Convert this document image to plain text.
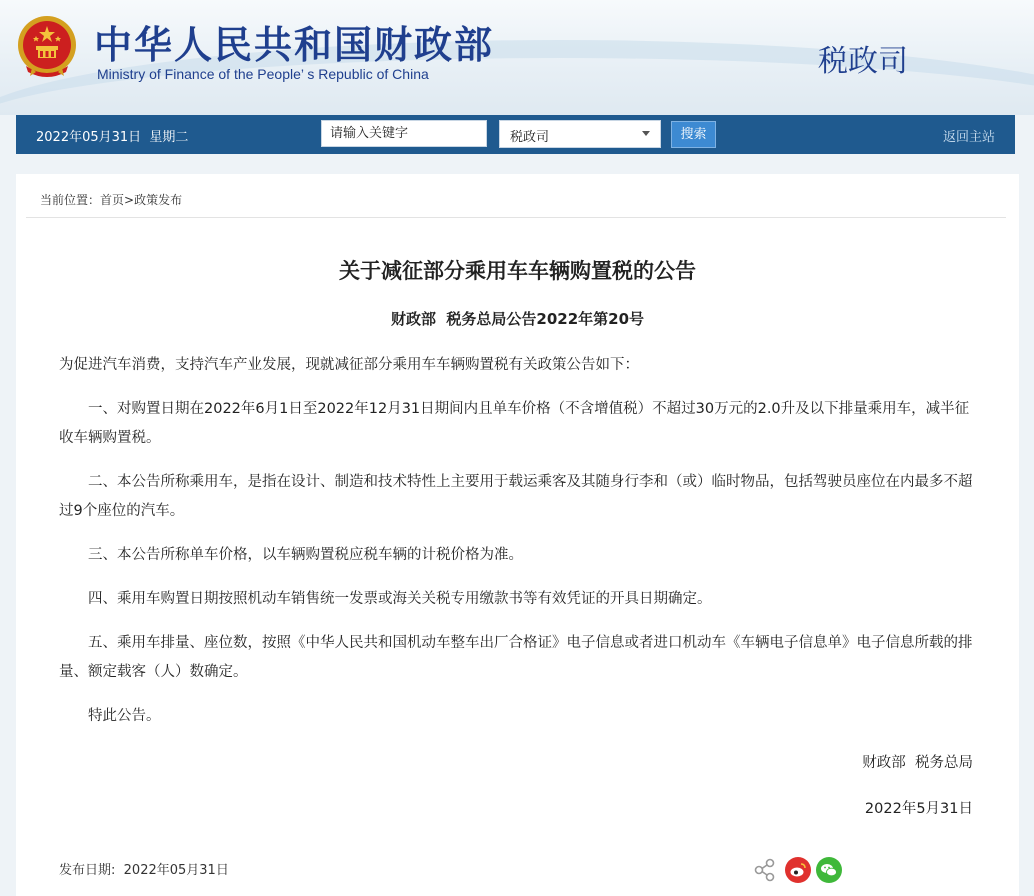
中华人民共和国财政部
Ministry of Finance of the People’ s Republic of China	税政司
2022年05月31日  星期二
请输入关键字	税政司	搜索	返回主站
当前位置：首页>政策发布
关于减征部分乘用车车辆购置税的公告
财政部  税务总局公告2022年第20号

为促进汽车消费，支持汽车产业发展，现就减征部分乘用车车辆购置税有关政策公告如下：

一、对购置日期在2022年6月1日至2022年12月31日期间内且单车价格（不含增值税）不超过30万元的2.0升及以下排量乘用车，减半征收车辆购置税。

二、本公告所称乘用车，是指在设计、制造和技术特性上主要用于载运乘客及其随身行李和（或）临时物品，包括驾驶员座位在内最多不超过9个座位的汽车。

三、本公告所称单车价格，以车辆购置税应税车辆的计税价格为准。

四、乘用车购置日期按照机动车销售统一发票或海关关税专用缴款书等有效凭证的开具日期确定。

五、乘用车排量、座位数，按照《中华人民共和国机动车整车出厂合格证》电子信息或者进口机动车《车辆电子信息单》电子信息所载的排量、额定载客（人）数确定。

特此公告。

财政部  税务总局
2022年5月31日
发布日期: 2022年05月31日
